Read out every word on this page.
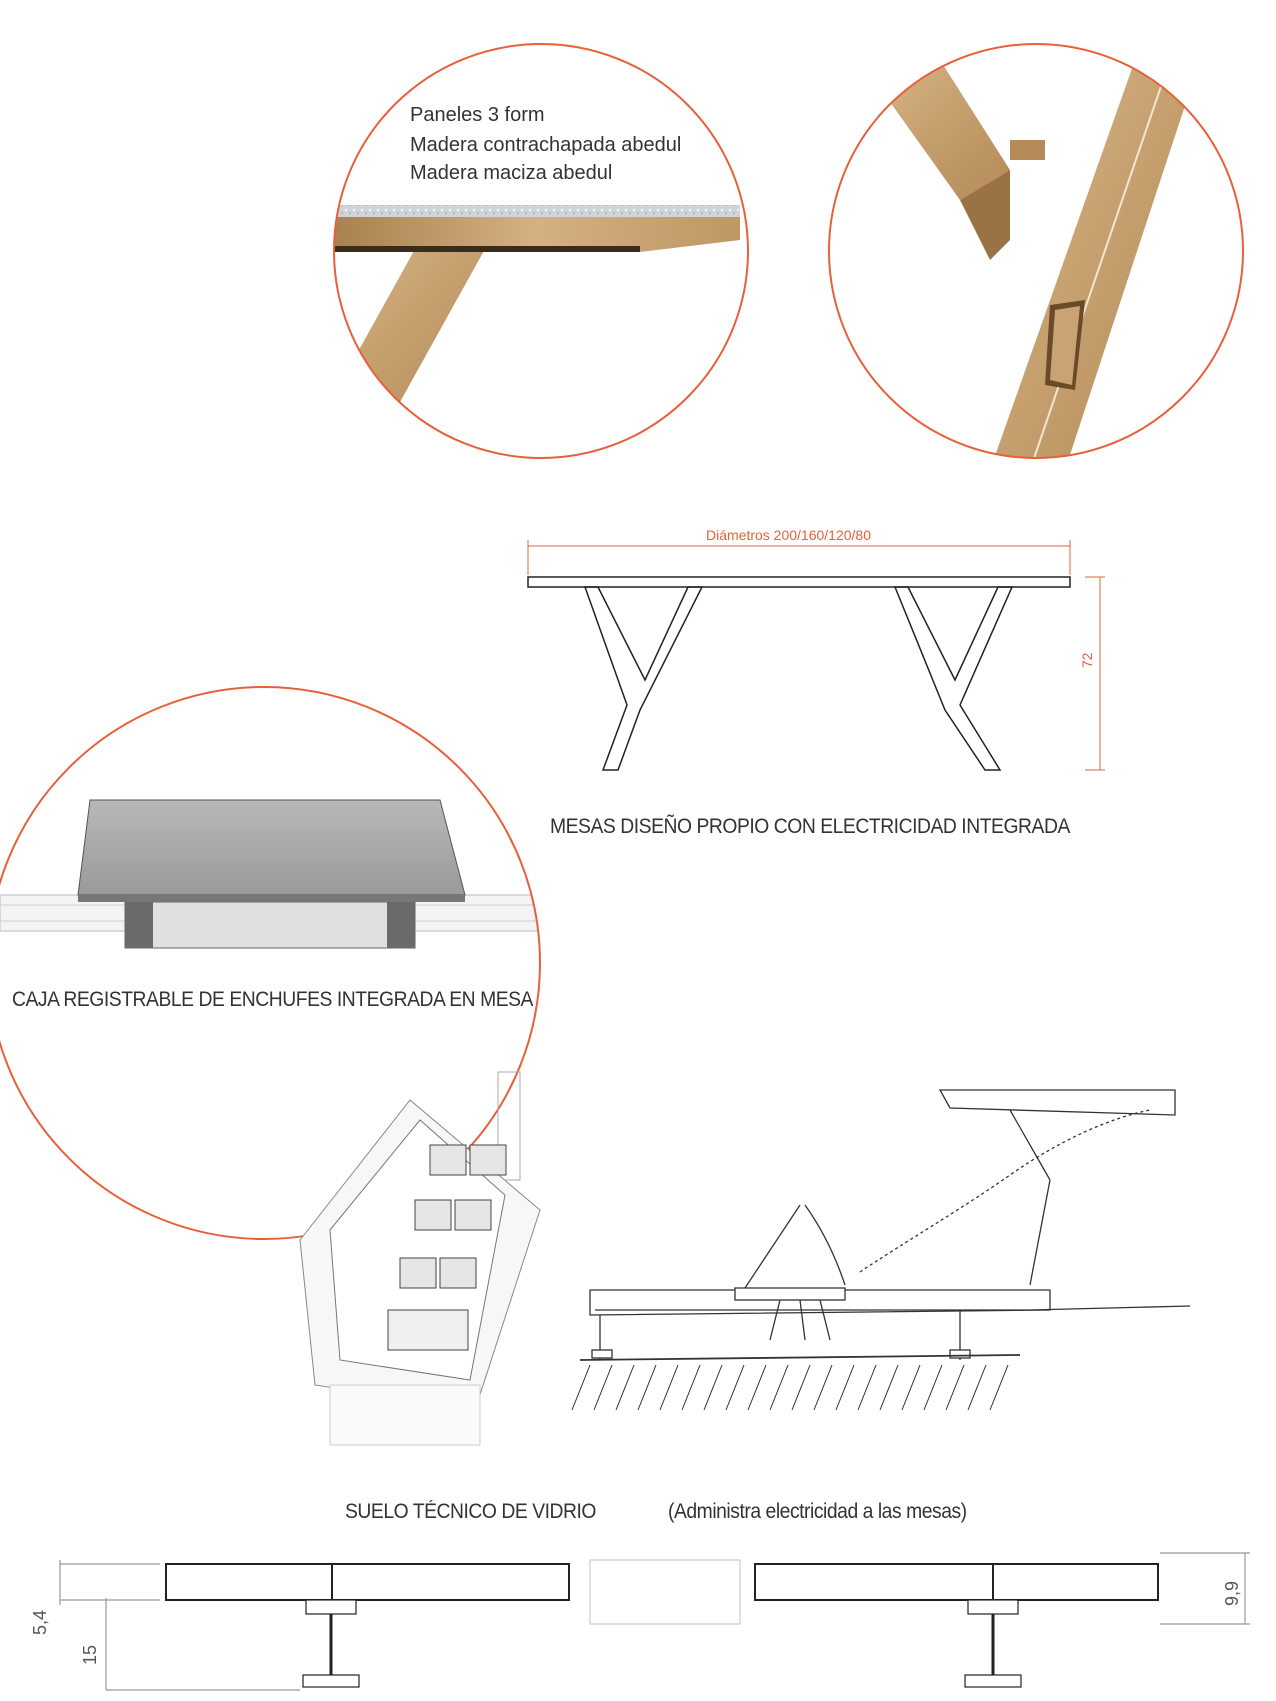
Paneles 3 form
Madera contrachapada abedul
Madera maciza abedul
Diámetros 200/160/120/80
72
MESAS DISEÑO PROPIO CON ELECTRICIDAD INTEGRADA
CAJA REGISTRABLE DE ENCHUFES INTEGRADA EN MESA
SUELO TÉCNICO DE VIDRIO	(Administra electricidad a las mesas)
5,4
15
9,9
